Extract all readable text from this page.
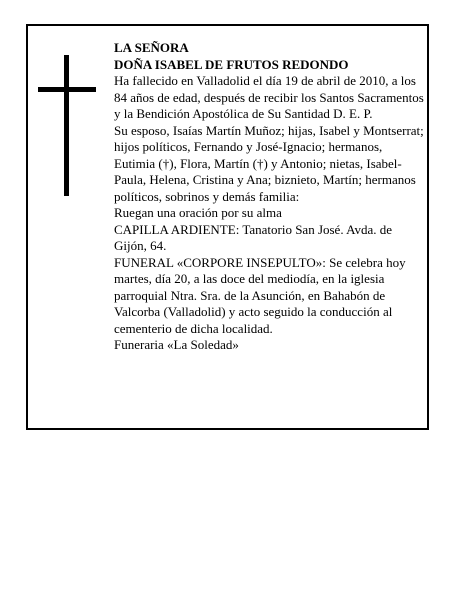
LA SEÑORA

DOÑA ISABEL DE FRUTOS REDONDO

Ha fallecido en Valladolid el día 19 de abril de 2010, a los 84 años de edad, después de recibir los Santos Sacramentos y la Bendición Apostólica de Su Santidad D. E. P.

Su esposo, Isaías Martín Muñoz; hijas, Isabel y Montserrat; hijos políticos, Fernando y José-Ignacio; hermanos, Eutimia (†), Flora, Martín (†) y Antonio; nietas, Isabel-Paula, Helena, Cristina y Ana; biznieto, Martín; hermanos políticos, sobrinos y demás familia:

Ruegan una oración por su alma

CAPILLA ARDIENTE: Tanatorio San José. Avda. de Gijón, 64.

FUNERAL «CORPORE INSEPULTO»: Se celebra hoy martes, día 20, a las doce del mediodía, en la iglesia parroquial Ntra. Sra. de la Asunción, en Bahabón de Valcorba (Valladolid) y acto seguido la conducción al cementerio de dicha localidad.

Funeraria «La Soledad»
